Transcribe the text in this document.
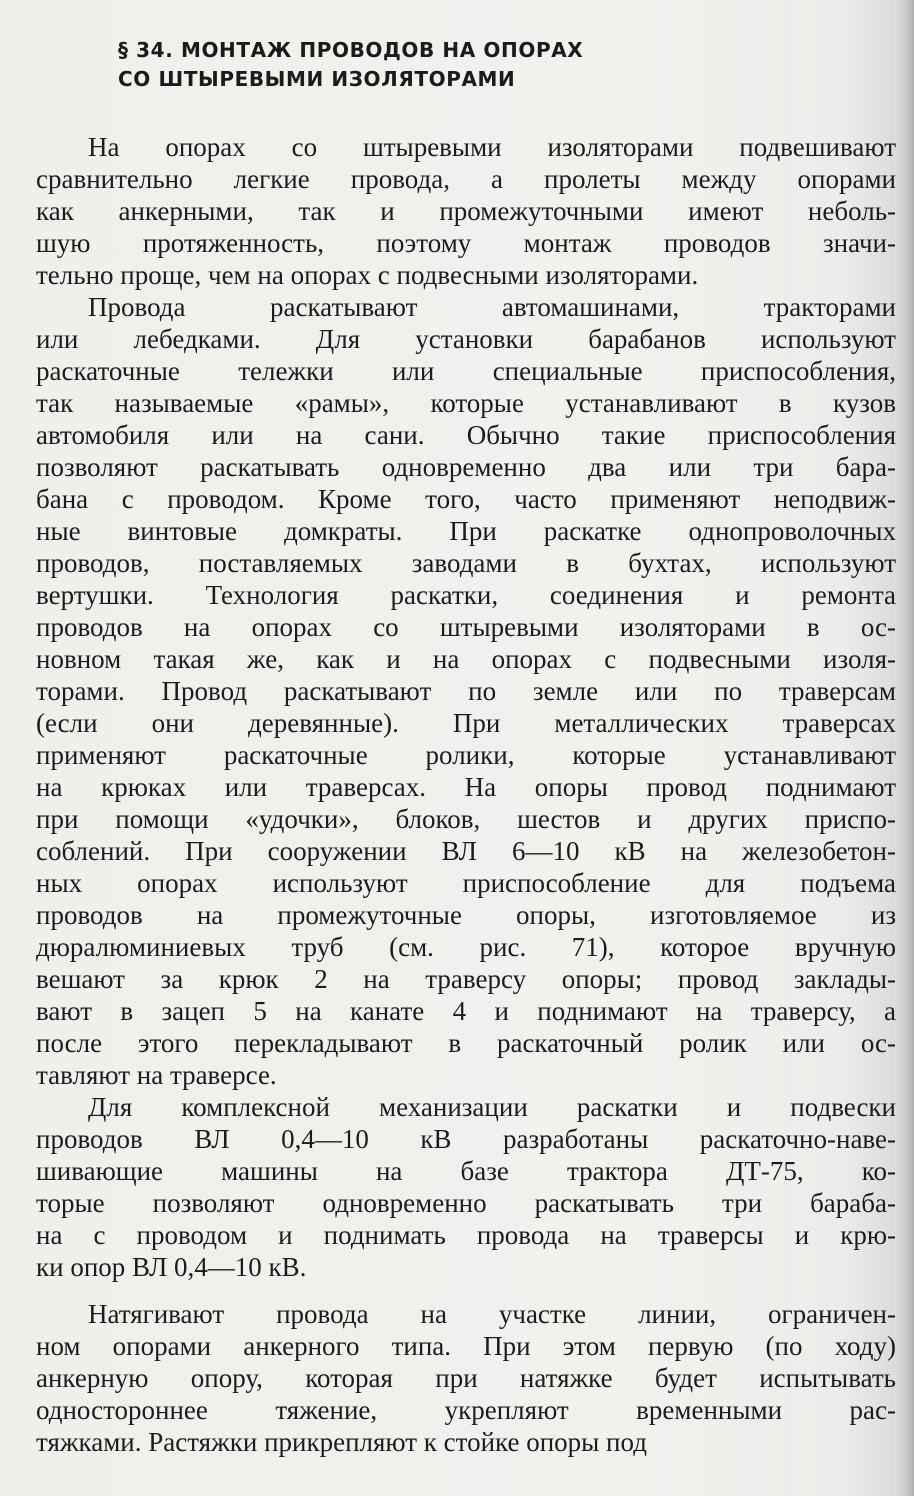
§ 34. МОНТАЖ ПРОВОДОВ НА ОПОРАХ
СО ШТЫРЕВЫМИ ИЗОЛЯТОРАМИ
На опорах со штыревыми изоляторами подвешивают
сравнительно легкие провода, а пролеты между опорами
как анкерными, так и промежуточными имеют неболь-
шую протяженность, поэтому монтаж проводов значи-
тельно проще, чем на опорах с подвесными изоляторами.
Провода раскатывают автомашинами, тракторами
или лебедками. Для установки барабанов используют
раскаточные тележки или специальные приспособления,
так называемые «рамы», которые устанавливают в кузов
автомобиля или на сани. Обычно такие приспособления
позволяют раскатывать одновременно два или три бара-
бана с проводом. Кроме того, часто применяют неподвиж-
ные винтовые домкраты. При раскатке однопроволочных
проводов, поставляемых заводами в бухтах, используют
вертушки. Технология раскатки, соединения и ремонта
проводов на опорах со штыревыми изоляторами в ос-
новном такая же, как и на опорах с подвесными изоля-
торами. Провод раскатывают по земле или по траверсам
(если они деревянные). При металлических траверсах
применяют раскаточные ролики, которые устанавливают
на крюках или траверсах. На опоры провод поднимают
при помощи «удочки», блоков, шестов и других приспо-
соблений. При сооружении ВЛ 6—10 кВ на железобетон-
ных опорах используют приспособление для подъема
проводов на промежуточные опоры, изготовляемое из
дюралюминиевых труб (см. рис. 71), которое вручную
вешают за крюк 2 на траверсу опоры; провод заклады-
вают в зацеп 5 на канате 4 и поднимают на траверсу, а
после этого перекладывают в раскаточный ролик или ос-
тавляют на траверсе.
Для комплексной механизации раскатки и подвески
проводов ВЛ 0,4—10 кВ разработаны раскаточно-наве-
шивающие машины на базе трактора ДТ-75, ко-
торые позволяют одновременно раскатывать три бараба-
на с проводом и поднимать провода на траверсы и крю-
ки опор ВЛ 0,4—10 кВ.
Натягивают провода на участке линии, ограничен-
ном опорами анкерного типа. При этом первую (по ходу)
анкерную опору, которая при натяжке будет испытывать
одностороннее тяжение, укрепляют временными рас-
тяжками. Растяжки прикрепляют к стойке опоры под
